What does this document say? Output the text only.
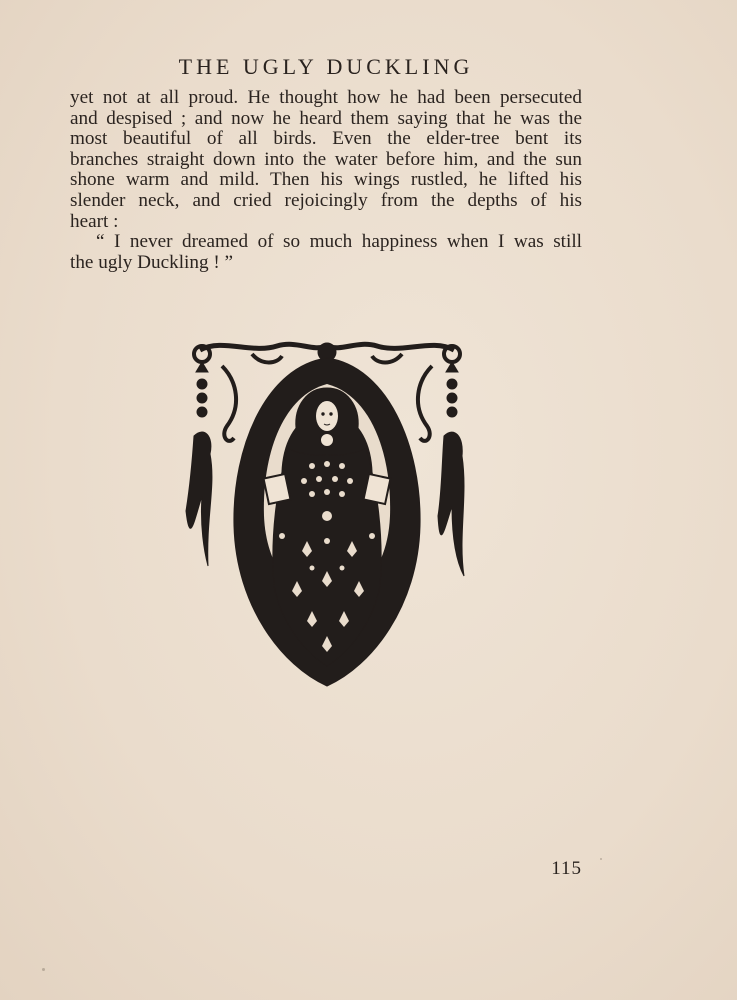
THE UGLY DUCKLING

yet not at all proud. He thought how he had been persecuted
and despised ; and now he heard them saying that he was the
most beautiful of all birds. Even the elder-tree bent its
branches straight down into the water before him, and the sun
shone warm and mild. Then his wings rustled, he lifted his
slender neck, and cried rejoicingly from the depths of his
heart :

“ I never dreamed of so much happiness when I was still
the ugly Duckling ! ”

115
